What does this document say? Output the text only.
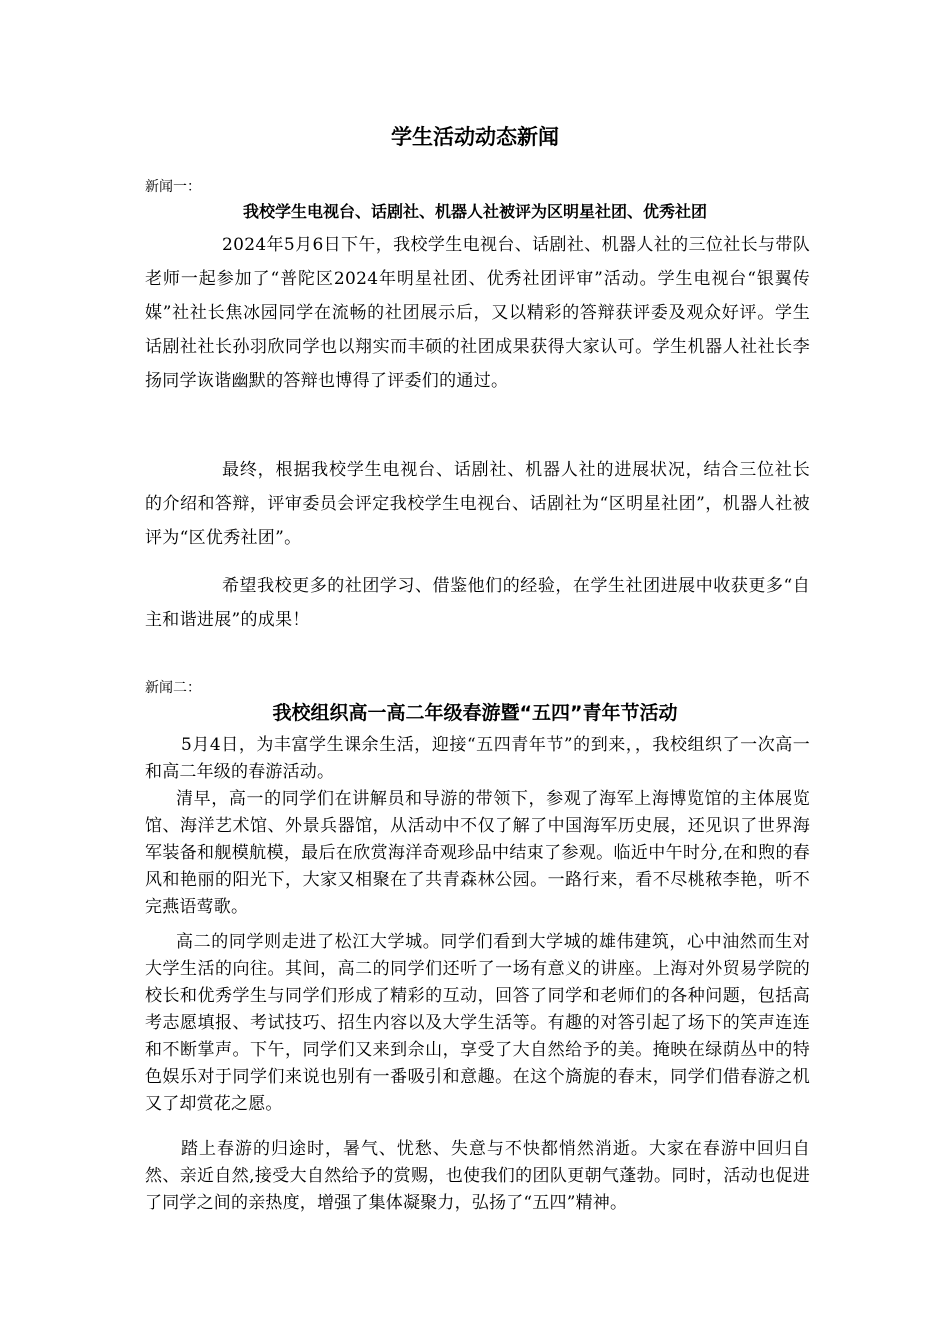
学生活动动态新闻
新闻一：
我校学生电视台、话剧社、机器人社被评为区明星社团、优秀社团

2024年5月6日下午，我校学生电视台、话剧社、机器人社的三位社长与带队老师一起参加了“普陀区2024年明星社团、优秀社团评审”活动。学生电视台“银翼传媒”社社长焦冰园同学在流畅的社团展示后，又以精彩的答辩获评委及观众好评。学生话剧社社长孙羽欣同学也以翔实而丰硕的社团成果获得大家认可。学生机器人社社长李扬同学诙谐幽默的答辩也博得了评委们的通过。

最终，根据我校学生电视台、话剧社、机器人社的进展状况，结合三位社长的介绍和答辩，评审委员会评定我校学生电视台、话剧社为“区明星社团”，机器人社被评为“区优秀社团”。

希望我校更多的社团学习、借鉴他们的经验，在学生社团进展中收获更多“自主和谐进展”的成果！

新闻二：
我校组织高一高二年级春游暨“五四”青年节活动

5月4日，为丰富学生课余生活，迎接“五四青年节”的到来，，我校组织了一次高一和高二年级的春游活动。

清早，高一的同学们在讲解员和导游的带领下，参观了海军上海博览馆的主体展览馆、海洋艺术馆、外景兵器馆，从活动中不仅了解了中国海军历史展，还见识了世界海军装备和舰模航模，最后在欣赏海洋奇观珍品中结束了参观。临近中午时分,在和煦的春风和艳丽的阳光下，大家又相聚在了共青森林公园。一路行来，看不尽桃秾李艳，听不完燕语莺歌。

高二的同学则走进了松江大学城。同学们看到大学城的雄伟建筑，心中油然而生对大学生活的向往。其间，高二的同学们还听了一场有意义的讲座。上海对外贸易学院的校长和优秀学生与同学们形成了精彩的互动，回答了同学和老师们的各种问题，包括高考志愿填报、考试技巧、招生内容以及大学生活等。有趣的对答引起了场下的笑声连连和不断掌声。下午，同学们又来到佘山，享受了大自然给予的美。掩映在绿荫丛中的特色娱乐对于同学们来说也别有一番吸引和意趣。在这个旖旎的春末，同学们借春游之机又了却赏花之愿。

踏上春游的归途时，暑气、忧愁、失意与不快都悄然消逝。大家在春游中回归自然、亲近自然,接受大自然给予的赏赐，也使我们的团队更朝气蓬勃。同时，活动也促进了同学之间的亲热度，增强了集体凝聚力，弘扬了“五四”精神。
